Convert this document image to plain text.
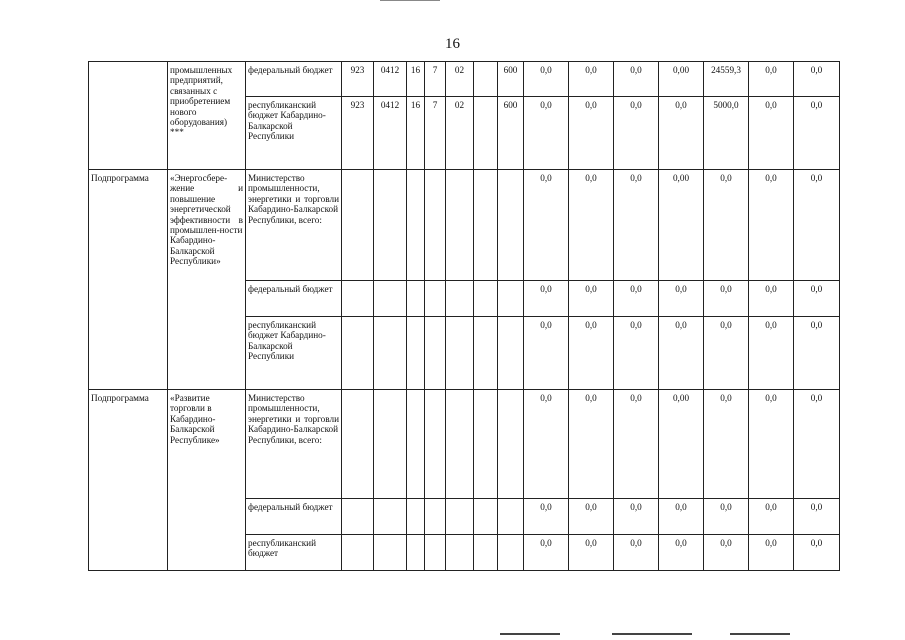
16
	промышленных предприятий, связанных с приобретением нового оборудования) ***	федеральный бюджет	923	0412	16	7	02		600	0,0	0,0	0,0	0,00	24559,3	0,0	0,0
		республиканский бюджет Кабардино-Балкарской Республики	923	0412	16	7	02		600	0,0	0,0	0,0	0,0	5000,0	0,0	0,0
Подпрограмма	«Энергосбере-жение и повышение энергетической эффективности в промышлен-ности Кабардино-Балкарской Республики»	Министерство промышленности, энергетики и торговли Кабардино-Балкарской Республики, всего:								0,0	0,0	0,0	0,00	0,0	0,0	0,0
		федеральный бюджет								0,0	0,0	0,0	0,0	0,0	0,0	0,0
		республиканский бюджет Кабардино-Балкарской Республики								0,0	0,0	0,0	0,0	0,0	0,0	0,0
Подпрограмма	«Развитие торговли в Кабардино-Балкарской Республике»	Министерство промышленности, энергетики и торговли Кабардино-Балкарской Республики, всего:								0,0	0,0	0,0	0,00	0,0	0,0	0,0
		федеральный бюджет								0,0	0,0	0,0	0,0	0,0	0,0	0,0
		республиканский бюджет								0,0	0,0	0,0	0,0	0,0	0,0	0,0
